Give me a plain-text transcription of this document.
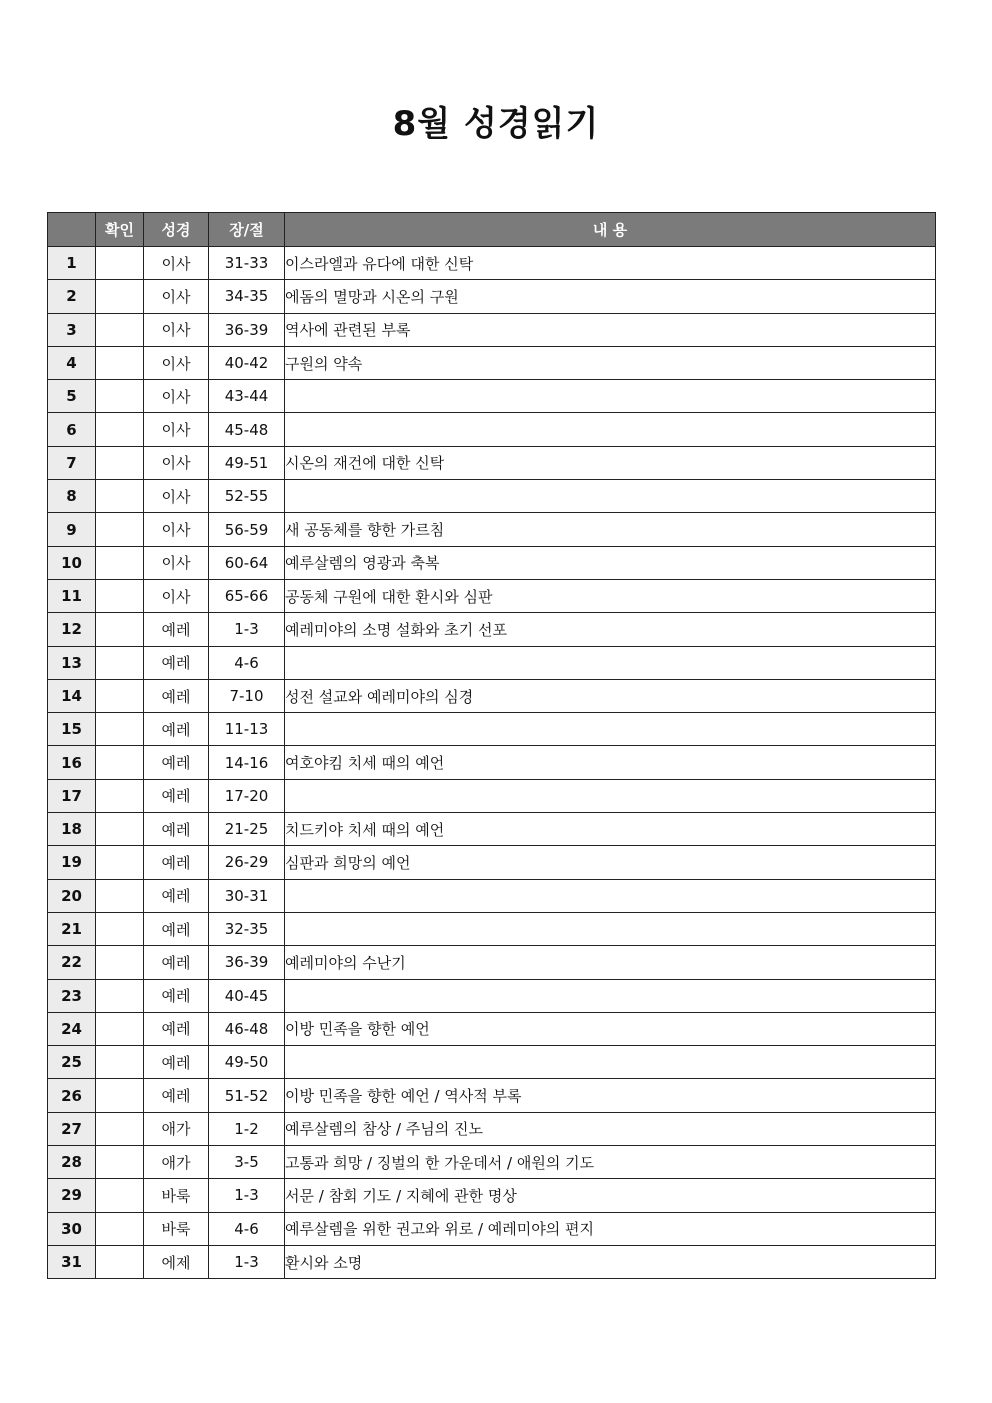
8월 성경읽기
	확인	성경	장/절	내 용
1		이사	31-33	이스라엘과 유다에 대한 신탁
2		이사	34-35	에돔의 멸망과 시온의 구원
3		이사	36-39	역사에 관련된 부록
4		이사	40-42	구원의 약속
5		이사	43-44	
6		이사	45-48	
7		이사	49-51	시온의 재건에 대한 신탁
8		이사	52-55	
9		이사	56-59	새 공동체를 향한 가르침
10		이사	60-64	예루살렘의 영광과 축복
11		이사	65-66	공동체 구원에 대한 환시와 심판
12		예레	1-3	예레미야의 소명 설화와 초기 선포
13		예레	4-6	
14		예레	7-10	성전 설교와 예레미야의 심경
15		예레	11-13	
16		예레	14-16	여호야킴 치세 때의 예언
17		예레	17-20	
18		예레	21-25	치드키야 치세 때의 예언
19		예레	26-29	심판과 희망의 예언
20		예레	30-31	
21		예레	32-35	
22		예레	36-39	예레미야의 수난기
23		예레	40-45	
24		예레	46-48	이방 민족을 향한 예언
25		예레	49-50	
26		예레	51-52	이방 민족을 향한 예언 / 역사적 부록
27		애가	1-2	예루살렘의 참상 / 주님의 진노
28		애가	3-5	고통과 희망 / 징벌의 한 가운데서 / 애원의 기도
29		바룩	1-3	서문 / 참회 기도 / 지혜에 관한 명상
30		바룩	4-6	예루살렘을 위한 권고와 위로 / 예레미야의 편지
31		에제	1-3	환시와 소명
